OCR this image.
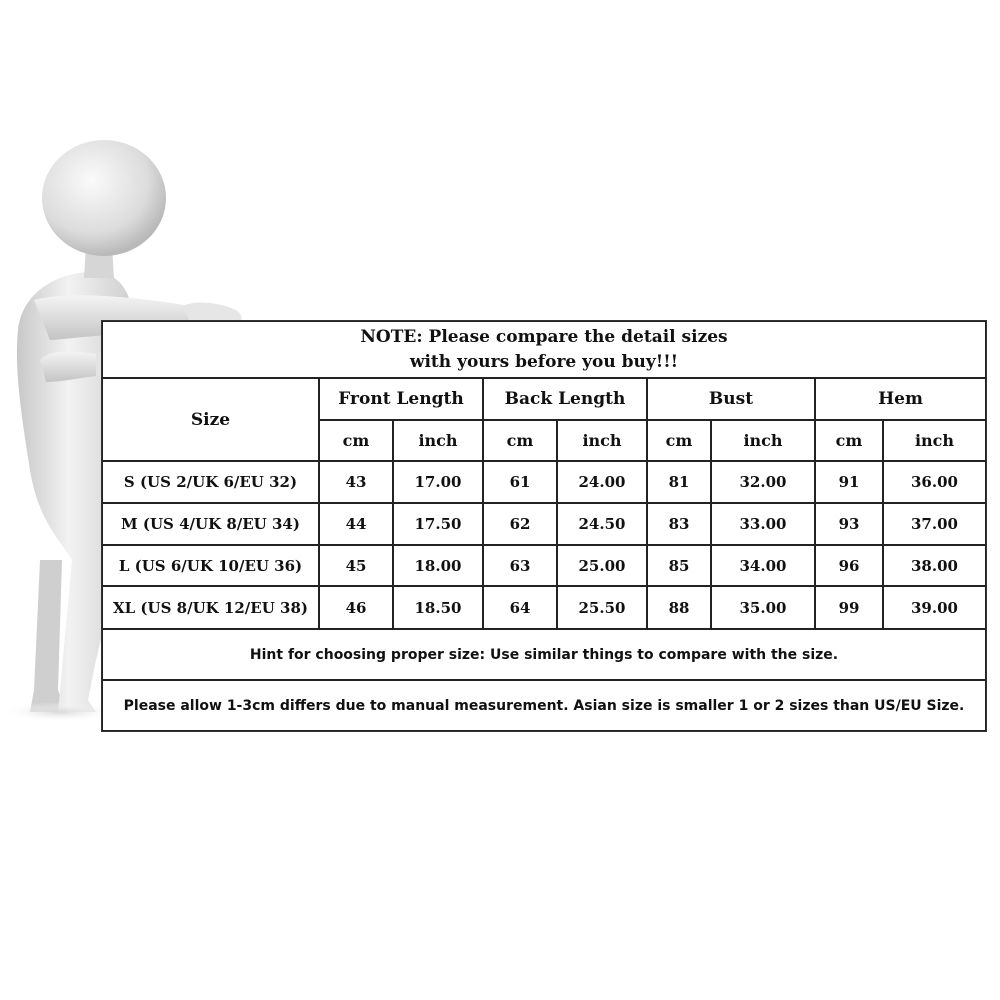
NOTE: Please compare the detail sizes
with yours before you buy!!!
Size
Front Length	Back Length	Bust	Hem
cm	inch	cm	inch	cm	inch	cm	inch
S (US 2/UK 6/EU 32)	43	17.00	61	24.00	81	32.00	91	36.00
M (US 4/UK 8/EU 34)	44	17.50	62	24.50	83	33.00	93	37.00
L (US 6/UK 10/EU 36)	45	18.00	63	25.00	85	34.00	96	38.00
XL (US 8/UK 12/EU 38)	46	18.50	64	25.50	88	35.00	99	39.00
Hint for choosing proper size: Use similar things to compare with the size.
Please allow 1-3cm differs due to manual measurement. Asian size is smaller 1 or 2 sizes than US/EU Size.
